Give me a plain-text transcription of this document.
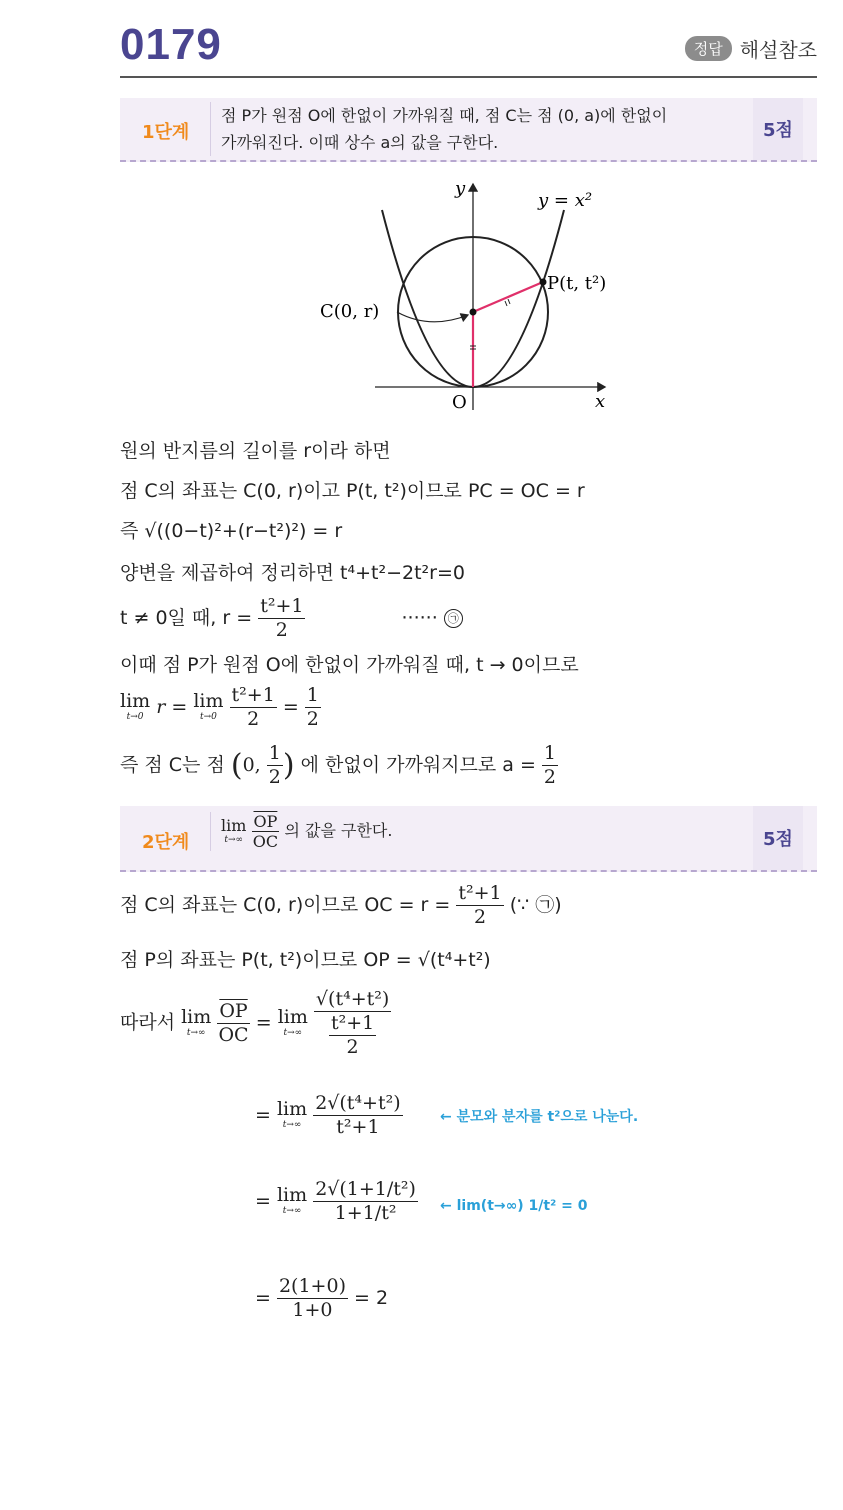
0179	정답 해설참조
1단계
점 P가 원점 O에 한없이 가까워질 때, 점 C는 점 (0, a)에 한없이
가까워진다. 이때 상수 a의 값을 구한다.
5점
y
x
O
y = x²
P(t, t²)
C(0, r)
원의 반지름의 길이를 r이라 하면
점 C의 좌표는 C(0, r)이고 P(t, t²)이므로 PC = OC = r
즉 √((0−t)²+(r−t²)²) = r
양변을 제곱하여 정리하면 t⁴+t²−2t²r=0
t ≠ 0일 때, $r = \frac{\text{t²+1}}{2}$	······ ㉠
이때 점 P가 원점 O에 한없이 가까워질 때, t → 0이므로
lim
t→0 r = lim
t→0
$\frac{\text{t²+1}}{2} = \frac{1}{2}$
즉 점 C는 점 (0, $\frac{1}{2}$ ) 에 한없이 가까워지므로 $a = \frac{1}{2}$
2단계
lim
t→∞
$\frac{\overline{OP}}{OC}$ 의 값을 구한다.	5점
점 C의 좌표는 C(0, r)이므로 OC = $r = \frac{\text{t²+1}}{2}$ (∵ ㉠)
점 P의 좌표는 P(t, t²)이므로 OP = √(t⁴+t²)
따라서 lim
t→∞
$\frac{\overline{OP}}{OC} = \lim$
t→∞
$\frac{\text{√(t⁴+t²)}}{\frac{\text{t²+1}}{2}}$
= lim
t→∞
$\frac{\text{2√(t⁴+t²)}}{\text{t²+1}}$	← 분모와 분자를 t²으로 나눈다.
= lim
t→∞
$\frac{\text{2√(1+1/t²)}}{\text{1+1/t²}}$ ← lim(t→∞) 1/t² = 0
= $\frac{2(1+0)}{1+0} = 2$
